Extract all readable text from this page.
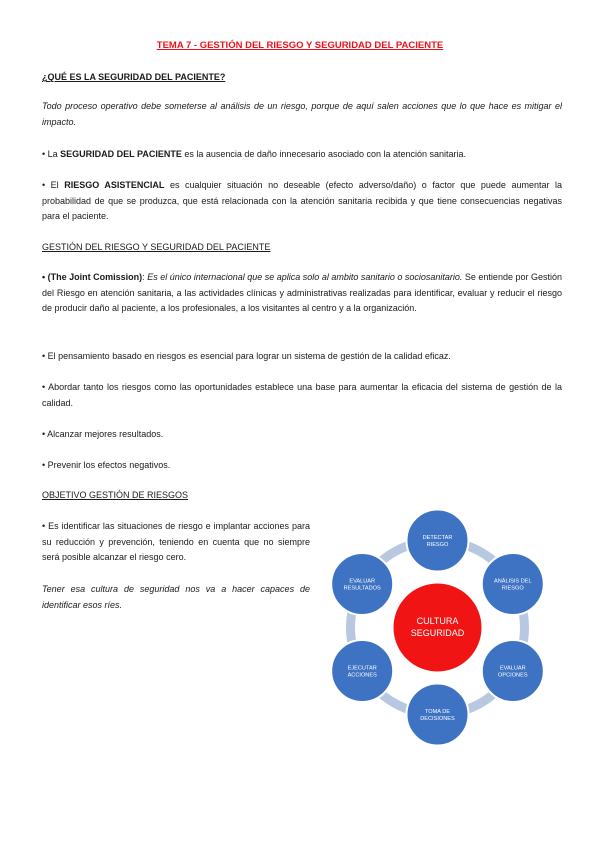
TEMA 7 - GESTIÓN DEL RIESGO Y SEGURIDAD DEL PACIENTE
¿QUÉ ES LA SEGURIDAD DEL PACIENTE?

Todo proceso operativo debe someterse al análisis de un riesgo, porque de aquí salen acciones que lo que hace es mitigar el impacto.

• La SEGURIDAD DEL PACIENTE es la ausencia de daño innecesario asociado con la atención sanitaria.

• El RIESGO ASISTENCIAL es cualquier situación no deseable (efecto adverso/daño) o factor que puede aumentar la probabilidad de que se produzca, que está relacionada con la atención sanitaria recibida y que tiene consecuencias negativas para el paciente.

GESTIÓN DEL RIESGO Y SEGURIDAD DEL PACIENTE

• (The Joint Comission): Es el único internacional que se aplica solo al ambito sanitario o sociosanitario. Se entiende por Gestión del Riesgo en atención sanitaria, a las actividades clínicas y administrativas realizadas para identificar, evaluar y reducir el riesgo de producir daño al paciente, a los profesionales, a los visitantes al centro y a la organización.

• El pensamiento basado en riesgos es esencial para lograr un sistema de gestión de la calidad eficaz.

• Abordar tanto los riesgos como las oportunidades establece una base para aumentar la eficacia del sistema de gestión de la calidad.

• Alcanzar mejores resultados.

• Prevenir los efectos negativos.

OBJETIVO GESTIÓN DE RIESGOS

• Es identificar las situaciones de riesgo e implantar acciones para su reducción y prevención, teniendo en cuenta que no siempre será posible alcanzar el riesgo cero.

Tener esa cultura de seguridad nos va a hacer capaces de identificar esos ríes.

CULTURA
SEGURIDAD
DETECTAR
RIESGO
ANÁLISIS DEL
RIESGO
EVALUAR
OPCIONES
TOMA DE
DECISIONES
EJECUTAR
ACCIONES
EVALUAR
RESULTADOS
